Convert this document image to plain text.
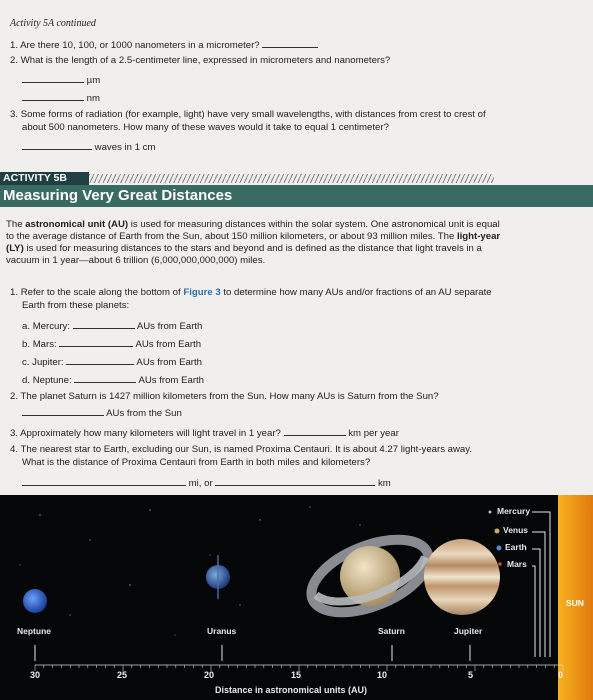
Activity 5A continued
1. Are there 10, 100, or 1000 nanometers in a micrometer?
2. What is the length of a 2.5-centimeter line, expressed in micrometers and nanometers?
µm
nm
3. Some forms of radiation (for example, light) have very small wavelengths, with distances from crest to crest of
about 500 nanometers. How many of these waves would it take to equal 1 centimeter?
waves in 1 cm
ACTIVITY 5B
Measuring Very Great Distances
The astronomical unit (AU) is used for measuring distances within the solar system. One astronomical unit is equal
to the average distance of Earth from the Sun, about 150 million kilometers, or about 93 million miles. The light-year
(LY) is used for measuring distances to the stars and beyond and is defined as the distance that light travels in a
vacuum in 1 year—about 6 trillion (6,000,000,000,000) miles.
1. Refer to the scale along the bottom of Figure 3 to determine how many AUs and/or fractions of an AU separate
Earth from these planets:
a. Mercury:	AUs from Earth
b. Mars:	AUs from Earth
c. Jupiter:	AUs from Earth
d. Neptune:	AUs from Earth
2. The planet Saturn is 1427 million kilometers from the Sun. How many AUs is Saturn from the Sun?
AUs from the Sun
3. Approximately how many kilometers will light travel in 1 year?	km per year
4. The nearest star to Earth, excluding our Sun, is named Proxima Centauri. It is about 4.27 light-years away.
What is the distance of Proxima Centauri from Earth in both miles and kilometers?
mi, or	km
Mercury
Venus
Earth
Mars
SUN
Neptune	Uranus	Saturn	Jupiter
30	25	20	15	10	5	0
Distance in astronomical units (AU)
